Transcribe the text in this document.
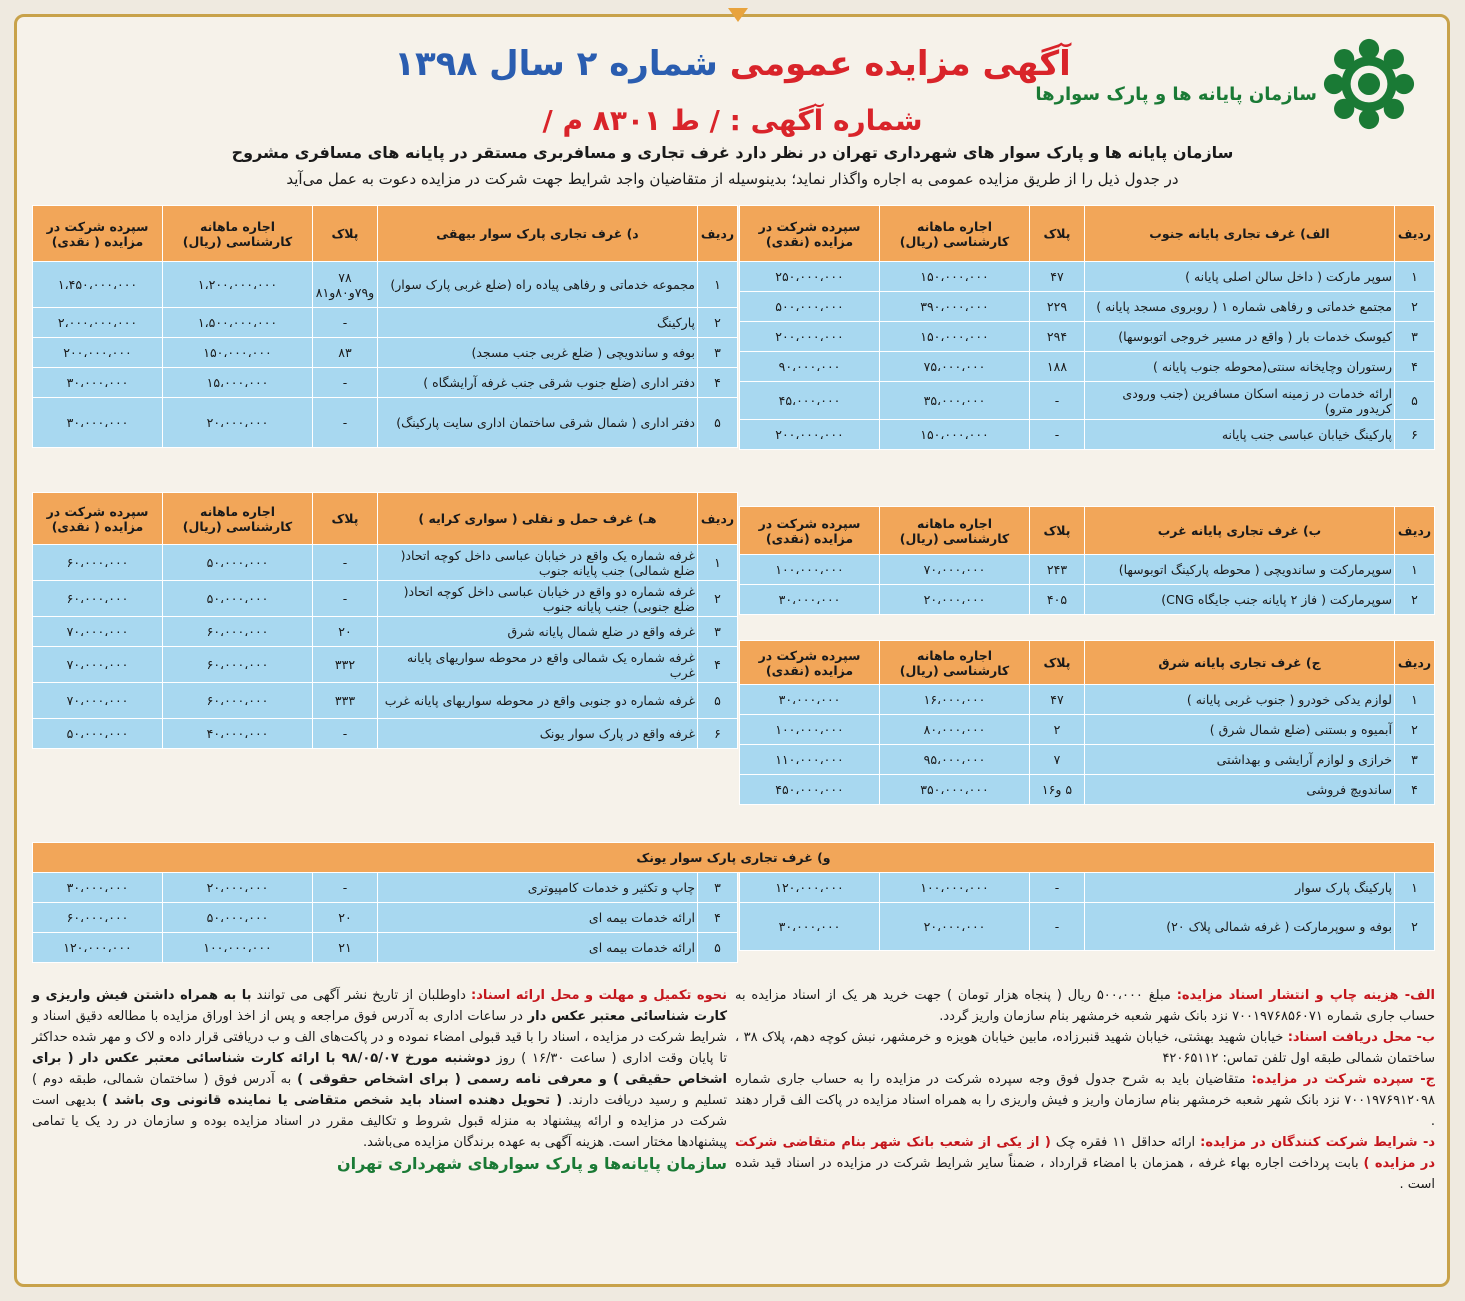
سازمان پایانه ها و پارک سوارها
آگهی مزایده عمومی شماره ۲ سال ۱۳۹۸
شماره آگهی : / ط ۸۳۰۱ م /
سازمان پایانه ها و پارک سوار های شهرداری تهران در نظر دارد غرف تجاری و مسافربری مستقر در پایانه های مسافری مشروح
در جدول ذیل را از طریق مزایده عمومی به اجاره واگذار نماید؛ بدینوسیله از متقاضیان واجد شرایط جهت شرکت در مزایده دعوت به عمل می‌آید
ردیف	الف) غرف تجاری پایانه جنوب	پلاک	اجاره ماهانه کارشناسی (ریال)	سپرده شرکت در مزایده (نقدی)
۱	سوپر مارکت ( داخل سالن اصلی پایانه )	۴۷	۱۵۰،۰۰۰،۰۰۰	۲۵۰،۰۰۰،۰۰۰
۲	مجتمع خدماتی و رفاهی شماره ۱ ( روبروی مسجد پایانه )	۲۲۹	۳۹۰،۰۰۰،۰۰۰	۵۰۰،۰۰۰،۰۰۰
۳	کیوسک خدمات بار ( واقع در مسیر خروجی اتوبوسها)	۲۹۴	۱۵۰،۰۰۰،۰۰۰	۲۰۰،۰۰۰،۰۰۰
۴	رستوران وچایخانه سنتی(محوطه جنوب پایانه )	۱۸۸	۷۵،۰۰۰،۰۰۰	۹۰،۰۰۰،۰۰۰
۵	ارائه خدمات در زمینه اسکان مسافرین (جنب ورودی کریدور مترو)	-	۳۵،۰۰۰،۰۰۰	۴۵،۰۰۰،۰۰۰
۶	پارکینگ خیابان عباسی جنب پایانه	-	۱۵۰،۰۰۰،۰۰۰	۲۰۰،۰۰۰،۰۰۰
ردیف	ب) غرف تجاری پایانه غرب	پلاک	اجاره ماهانه کارشناسی (ریال)	سپرده شرکت در مزایده (نقدی)
۱	سوپرمارکت و ساندویچی ( محوطه پارکینگ اتوبوسها)	۲۴۳	۷۰،۰۰۰،۰۰۰	۱۰۰،۰۰۰،۰۰۰
۲	سوپرمارکت ( فاز ۲ پایانه جنب جایگاه CNG)	۴۰۵	۲۰،۰۰۰،۰۰۰	۳۰،۰۰۰،۰۰۰
ردیف	ج) غرف تجاری پایانه شرق	پلاک	اجاره ماهانه کارشناسی (ریال)	سپرده شرکت در مزایده (نقدی)
۱	لوازم یدکی خودرو ( جنوب غربی پایانه )	۴۷	۱۶،۰۰۰،۰۰۰	۳۰،۰۰۰،۰۰۰
۲	آبمیوه و بستنی (ضلع شمال شرق )	۲	۸۰،۰۰۰،۰۰۰	۱۰۰،۰۰۰،۰۰۰
۳	خرازی و لوازم آرایشی و بهداشتی	۷	۹۵،۰۰۰،۰۰۰	۱۱۰،۰۰۰،۰۰۰
۴	ساندویچ فروشی	۵ و۱۶	۳۵۰،۰۰۰،۰۰۰	۴۵۰،۰۰۰،۰۰۰
ردیف	د) غرف تجاری پارک سوار بیهقی	پلاک	اجاره ماهانه کارشناسی (ریال)	سپرده شرکت در مزایده ( نقدی)
۱	مجموعه خدماتی و رفاهی پیاده راه (ضلع غربی پارک سوار)	۷۸ و۷۹و۸۰و۸۱	۱،۲۰۰،۰۰۰،۰۰۰	۱،۴۵۰،۰۰۰،۰۰۰
۲	پارکینگ	-	۱،۵۰۰،۰۰۰،۰۰۰	۲،۰۰۰،۰۰۰،۰۰۰
۳	بوفه و ساندویچی ( ضلع غربی جنب مسجد)	۸۳	۱۵۰،۰۰۰،۰۰۰	۲۰۰،۰۰۰،۰۰۰
۴	دفتر اداری (ضلع جنوب شرقی جنب غرفه آرایشگاه )	-	۱۵،۰۰۰،۰۰۰	۳۰،۰۰۰،۰۰۰
۵	دفتر اداری ( شمال شرقی ساختمان اداری سایت پارکینگ)	-	۲۰،۰۰۰،۰۰۰	۳۰،۰۰۰،۰۰۰
ردیف	هـ) غرف حمل و نقلی ( سواری کرایه )	پلاک	اجاره ماهانه کارشناسی (ریال)	سپرده شرکت در مزایده ( نقدی)
۱	غرفه شماره یک واقع در خیابان عباسی داخل کوچه اتحاد( ضلع شمالی) جنب پایانه جنوب	-	۵۰،۰۰۰،۰۰۰	۶۰،۰۰۰،۰۰۰
۲	غرفه شماره دو واقع در خیابان عباسی داخل کوچه اتحاد( ضلع جنوبی) جنب پایانه جنوب	-	۵۰،۰۰۰،۰۰۰	۶۰،۰۰۰،۰۰۰
۳	غرفه واقع در ضلع شمال پایانه شرق	۲۰	۶۰،۰۰۰،۰۰۰	۷۰،۰۰۰،۰۰۰
۴	غرفه شماره یک شمالی واقع در محوطه سواریهای پایانه غرب	۳۳۲	۶۰،۰۰۰،۰۰۰	۷۰،۰۰۰،۰۰۰
۵	غرفه شماره دو جنوبی واقع در محوطه سواریهای پایانه غرب	۳۳۳	۶۰،۰۰۰،۰۰۰	۷۰،۰۰۰،۰۰۰
۶	غرفه واقع در پارک سوار یونک	-	۴۰،۰۰۰،۰۰۰	۵۰،۰۰۰،۰۰۰
و) غرف تجاری پارک سوار یونک
۱	پارکینگ پارک سوار	-	۱۰۰،۰۰۰،۰۰۰	۱۲۰،۰۰۰،۰۰۰
۲	بوفه و سوپرمارکت ( غرفه شمالی پلاک ۲۰)	-	۲۰،۰۰۰،۰۰۰	۳۰،۰۰۰،۰۰۰
۳	چاپ و تکثیر و خدمات کامپیوتری	-	۲۰،۰۰۰،۰۰۰	۳۰،۰۰۰،۰۰۰
۴	ارائه خدمات بیمه ای	۲۰	۵۰،۰۰۰،۰۰۰	۶۰،۰۰۰،۰۰۰
۵	ارائه خدمات بیمه ای	۲۱	۱۰۰،۰۰۰،۰۰۰	۱۲۰،۰۰۰،۰۰۰

الف- هزینه چاپ و انتشار اسناد مزایده: مبلغ ۵۰۰،۰۰۰ ریال ( پنجاه هزار تومان ) جهت خرید هر یک از اسناد مزایده به حساب جاری شماره ۷۰۰۱۹۷۶۸۵۶۰۷۱ نزد بانک شهر شعبه خرمشهر بنام سازمان واریز گردد.

ب- محل دریافت اسناد: خیابان شهید بهشتی، خیابان شهید قنبرزاده، مابین خیابان هویزه و خرمشهر، نبش کوچه دهم، پلاک ۳۸ ، ساختمان شمالی طبقه اول تلفن تماس: ۴۲۰۶۵۱۱۲

ج- سپرده شرکت در مزایده: متقاضیان باید به شرح جدول فوق وجه سپرده شرکت در مزایده را به حساب جاری شماره ۷۰۰۱۹۷۶۹۱۲۰۹۸ نزد بانک شهر شعبه خرمشهر بنام سازمان واریز و فیش واریزی را به همراه اسناد مزایده در پاکت الف قرار دهند .

د- شرایط شرکت کنندگان در مزایده: ارائه حداقل ۱۱ فقره چک ( از یکی از شعب بانک شهر بنام متقاضی شرکت در مزایده ) بابت پرداخت اجاره بهاء غرفه ، همزمان با امضاء قرارداد ، ضمناً سایر شرایط شرکت در مزایده در اسناد قید شده است .

نحوه تکمیل و مهلت و محل ارائه اسناد: داوطلبان از تاریخ نشر آگهی می توانند با به همراه داشتن فیش واریزی و کارت شناسائی معتبر عکس دار در ساعات اداری به آدرس فوق مراجعه و پس از اخذ اوراق مزایده با مطالعه دقیق اسناد و شرایط شرکت در مزایده ، اسناد را با قید قبولی امضاء نموده و در پاکت‌های الف و ب دریافتی قرار داده و لاک و مهر شده حداکثر تا پایان وقت اداری ( ساعت ۱۶/۳۰ ) روز دوشنبه مورخ ۹۸/۰۵/۰۷ با ارائه کارت شناسائی معتبر عکس دار ( برای اشخاص حقیقی ) و معرفی نامه رسمی ( برای اشخاص حقوقی ) به آدرس فوق ( ساختمان شمالی، طبقه دوم ) تسلیم و رسید دریافت دارند. ( تحویل دهنده اسناد باید شخص متقاضی یا نماینده قانونی وی باشد ) بدیهی است شرکت در مزایده و ارائه پیشنهاد به منزله قبول شروط و تکالیف مقرر در اسناد مزایده بوده و سازمان در رد یک یا تمامی پیشنهادها مختار است. هزینه آگهی به عهده برندگان مزایده می‌باشد.

سازمان پایانه‌ها و پارک سوارهای شهرداری تهران
